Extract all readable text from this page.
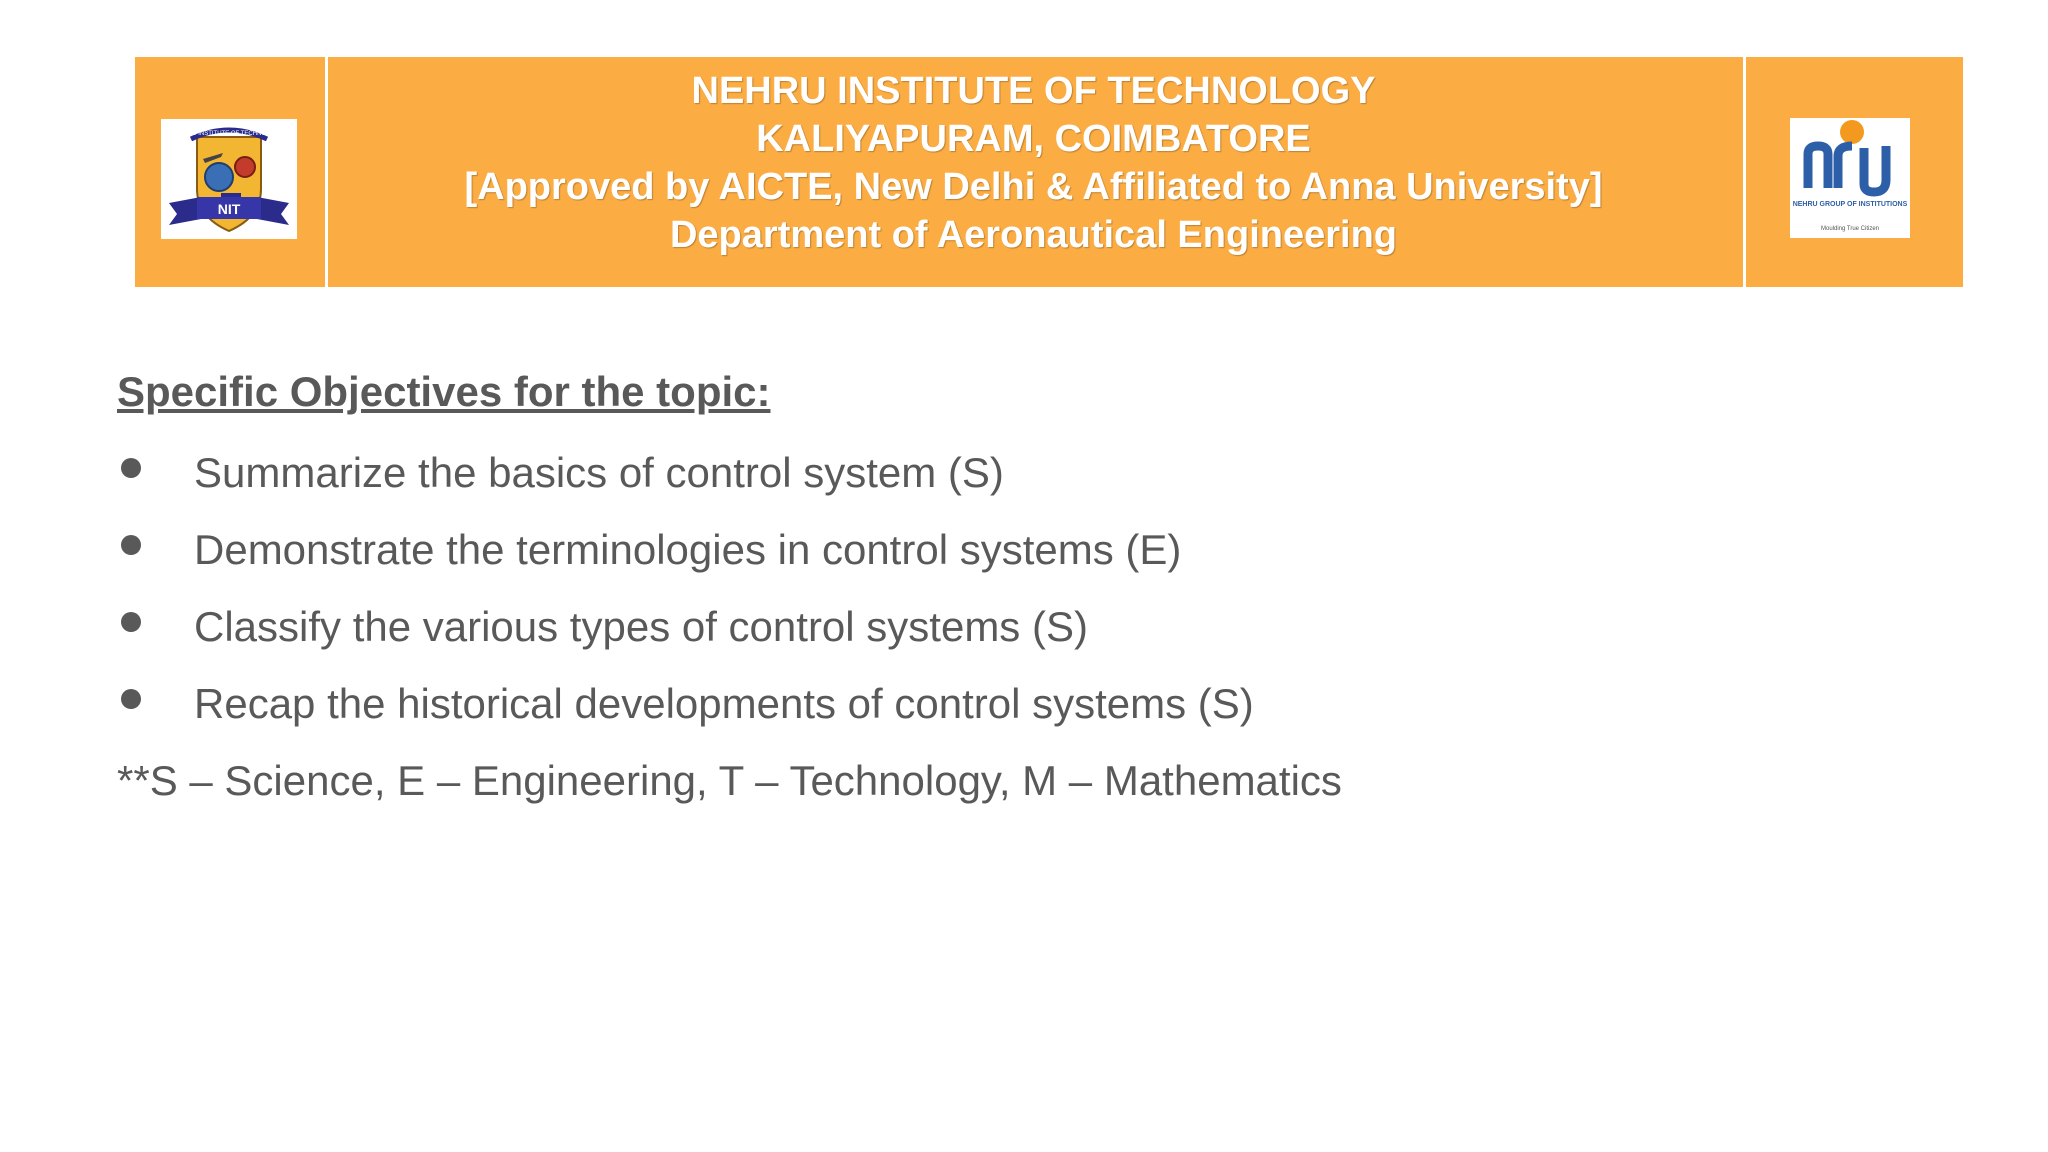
NEHRU INSTITUTE OF TECHNOLOGY
NIT
NEHRU INSTITUTE OF TECHNOLOGY
KALIYAPURAM, COIMBATORE
[Approved by AICTE, New Delhi & Affiliated to Anna University]
Department of Aeronautical Engineering
NEHRU GROUP OF INSTITUTIONS
Moulding True Citizen

Specific Objectives for the topic:

Summarize the basics of control system (S)
Demonstrate the terminologies in control systems (E)
Classify the various types of control systems (S)
Recap the historical developments of control systems (S)

**S – Science, E – Engineering, T – Technology, M – Mathematics
